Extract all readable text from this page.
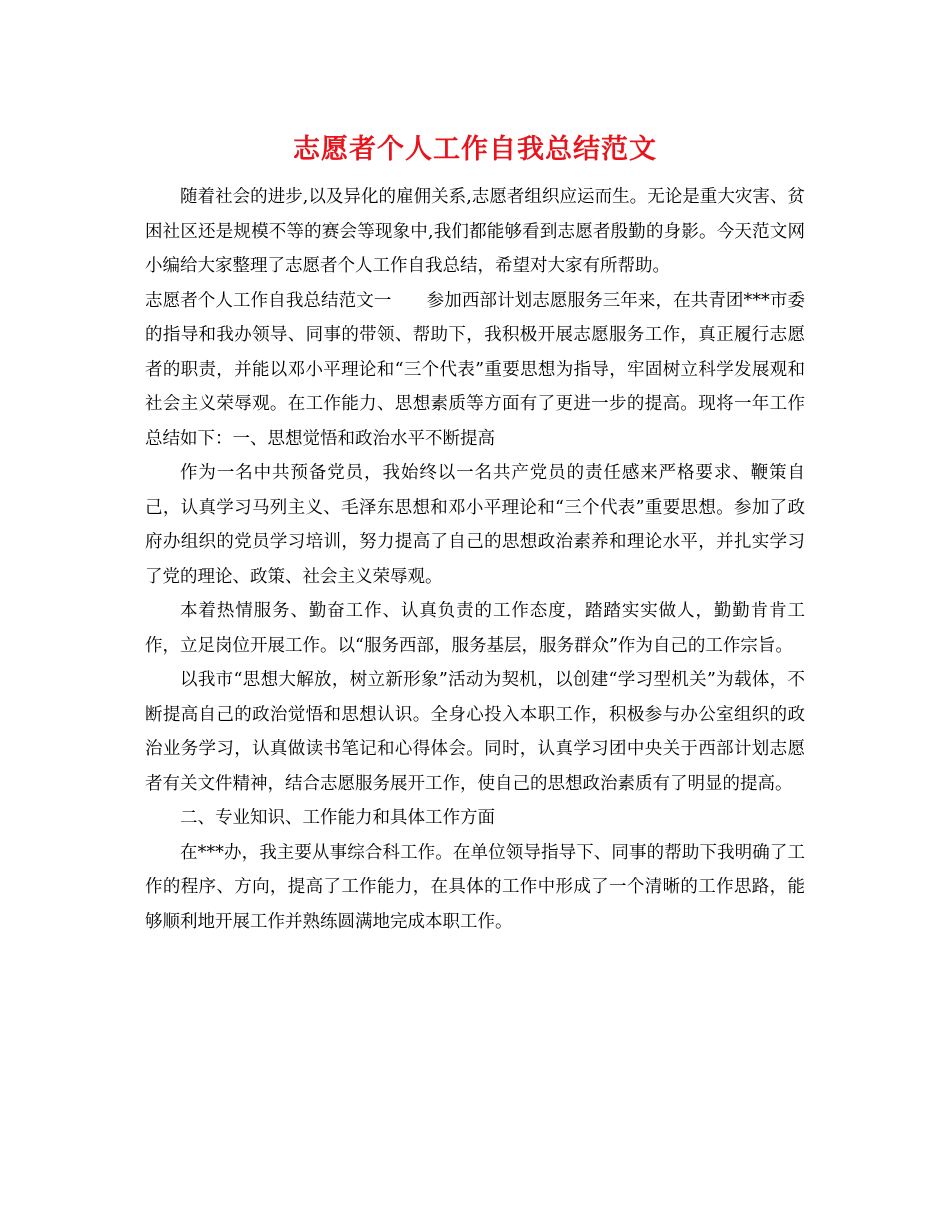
志愿者个人工作自我总结范文

随着社会的进步,以及异化的雇佣关系,志愿者组织应运而生。无论是重大灾害、贫困社区还是规模不等的赛会等现象中,我们都能够看到志愿者殷勤的身影。今天范文网小编给大家整理了志愿者个人工作自我总结，希望对大家有所帮助。

志愿者个人工作自我总结范文一　　参加西部计划志愿服务三年来，在共青团***市委的指导和我办领导、同事的带领、帮助下，我积极开展志愿服务工作，真正履行志愿者的职责，并能以邓小平理论和“三个代表”重要思想为指导，牢固树立科学发展观和社会主义荣辱观。在工作能力、思想素质等方面有了更进一步的提高。现将一年工作总结如下：一、思想觉悟和政治水平不断提高

作为一名中共预备党员，我始终以一名共产党员的责任感来严格要求、鞭策自己，认真学习马列主义、毛泽东思想和邓小平理论和“三个代表”重要思想。参加了政府办组织的党员学习培训，努力提高了自己的思想政治素养和理论水平，并扎实学习了党的理论、政策、社会主义荣辱观。

本着热情服务、勤奋工作、认真负责的工作态度，踏踏实实做人，勤勤肯肯工作，立足岗位开展工作。以“服务西部，服务基层，服务群众”作为自己的工作宗旨。

以我市“思想大解放，树立新形象”活动为契机，以创建“学习型机关”为载体，不断提高自己的政治觉悟和思想认识。全身心投入本职工作，积极参与办公室组织的政治业务学习，认真做读书笔记和心得体会。同时，认真学习团中央关于西部计划志愿者有关文件精神，结合志愿服务展开工作，使自己的思想政治素质有了明显的提高。

二、专业知识、工作能力和具体工作方面

在***办，我主要从事综合科工作。在单位领导指导下、同事的帮助下我明确了工作的程序、方向，提高了工作能力，在具体的工作中形成了一个清晰的工作思路，能够顺利地开展工作并熟练圆满地完成本职工作。
